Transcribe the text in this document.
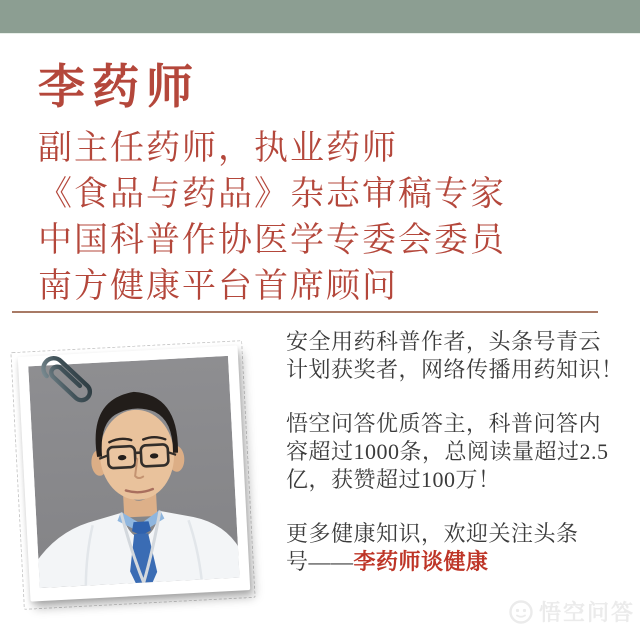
李药师
副主任药师，执业药师
《食品与药品》杂志审稿专家
中国科普作协医学专委会委员
南方健康平台首席顾问

安全用药科普作者，头条号青云
计划获奖者，网络传播用药知识！

悟空问答优质答主，科普问答内
容超过1000条，总阅读量超过2.5
亿，获赞超过100万！

更多健康知识，欢迎关注头条
号——李药师谈健康

悟空问答
